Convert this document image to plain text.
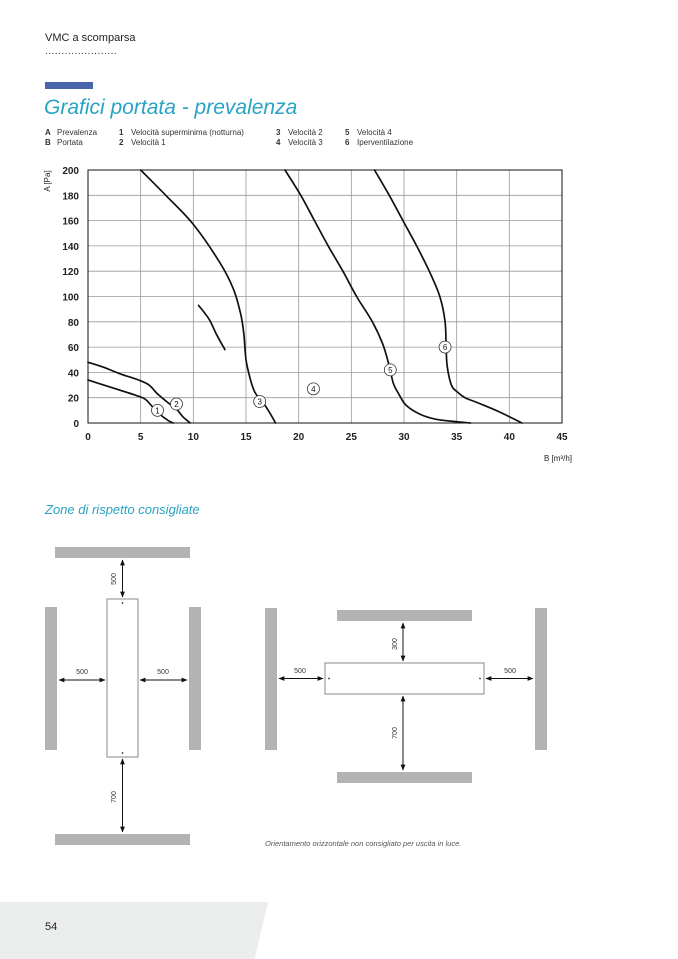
VMC a scomparsa
......................
Grafici portata - prevalenza
A Prevalenza
B Portata
1 Velocità superminima (notturna)
2 Velocità 1
3 Velocità 2
4 Velocità 3
5 Velocità 4
6 Iperventilazione
0	5	10	15	20	25	30	35	40	45
0
20
40
60
80
100
120
140
160
180
200
1
2	3
4
5
6
A [Pa]
B [m³/h]
Zone di rispetto consigliate
500
700
500	500
300
700
500	500
Orientamento orizzontale non consigliato per uscita in luce.
54
